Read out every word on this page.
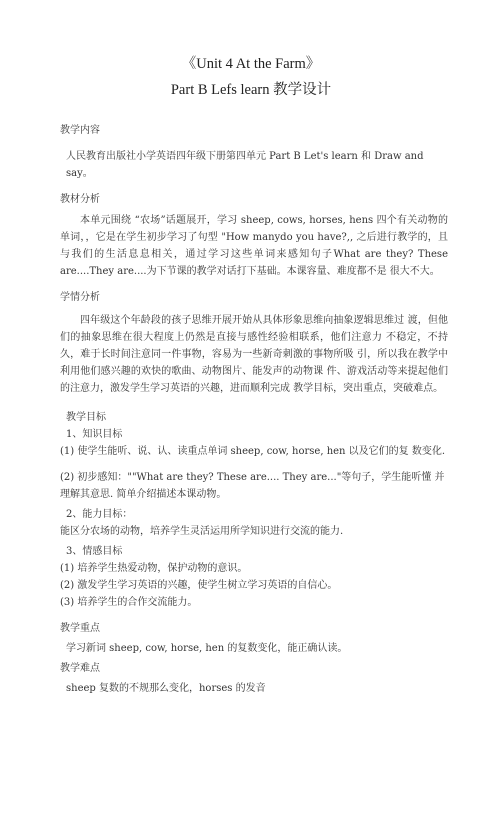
《Unit 4 At the Farm》

Part B Lefs learn 教学设计

教学内容

人民教育出版社小学英语四年级下册第四单元 Part B Let's learn 和 Draw and say。

教材分析

本单元围绕 “农场”话题展开，学习 sheep, cows, horses, hens 四个有关动物的 单词，，它是在学生初步学习了句型 "How manydo you have?,, 之后进行教学的，且与我们的生活息息相关，通过学习这些单词来感知句子What are they? These are....They are....为下节课的教学对话打下基础。本课容量、难度都不是 很大不大。

学情分析

四年级这个年龄段的孩子思维开展开始从具体形象思维向抽象逻辑思维过 渡，但他们的抽象思维在很大程度上仍然是直接与感性经验相联系，他们注意力 不稳定，不持久，难于长时间注意同一件事物，容易为一些新奇刺激的事物所吸 引，所以我在教学中利用他们感兴趣的欢快的歌曲、动物图片、能发声的动物课 件、游戏活动等来提起他们的注意力，激发学生学习英语的兴趣，进而顺利完成 教学目标，突出重点，突破难点。

教学目标

1、知识目标

(1) 使学生能听、说、认、读重点单词 sheep, cow, horse, hen 以及它们的复 数变化.

(2) 初步感知：""What are they? These are.... They are..."等句子，学生能听懂 并理解其意思. 简单介绍描述本课动物。

2、能力目标：

能区分农场的动物，培养学生灵活运用所学知识进行交流的能力.

3、情感目标

(1) 培养学生热爱动物，保护动物的意识。

(2) 激发学生学习英语的兴趣，使学生树立学习英语的自信心。

(3) 培养学生的合作交流能力。

教学重点

学习新词 sheep, cow, horse, hen 的复数变化，能正确认读。

教学难点

sheep 复数的不规那么变化，horses 的发音
